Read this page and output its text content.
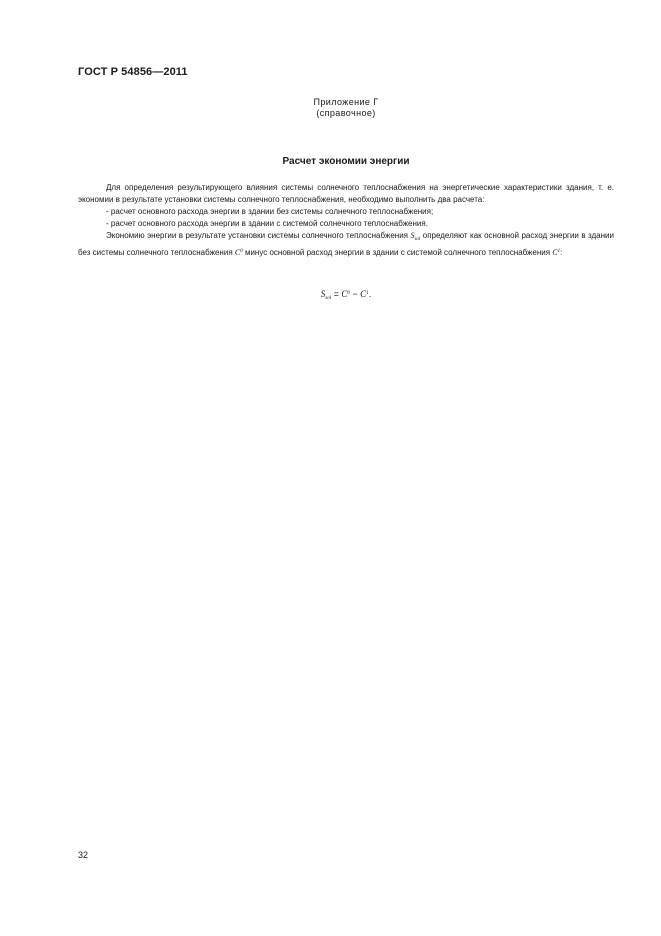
ГОСТ Р 54856—2011
Приложение Г
(справочное)
Расчет экономии энергии

Для определения результирующего влияния системы солнечного теплоснабжения на энергетические характеристики здания, т. е. экономии в результате установки системы солнечного теплоснабжения, необходимо выполнить два расчета:

- расчет основного расхода энергии в здании без системы солнечного теплоснабжения;

- расчет основного расхода энергии в здании с системой солнечного теплоснабжения.

Экономию энергии в результате установки системы солнечного теплоснабжения $S_{sol}$ определяют как основной расход энергии в здании без системы солнечного теплоснабжения $C^0$ минус основной расход энергии в здании с системой солнечного теплоснабжения $C^1$:

$S_{sol} = C^0 - C^1$.
32
